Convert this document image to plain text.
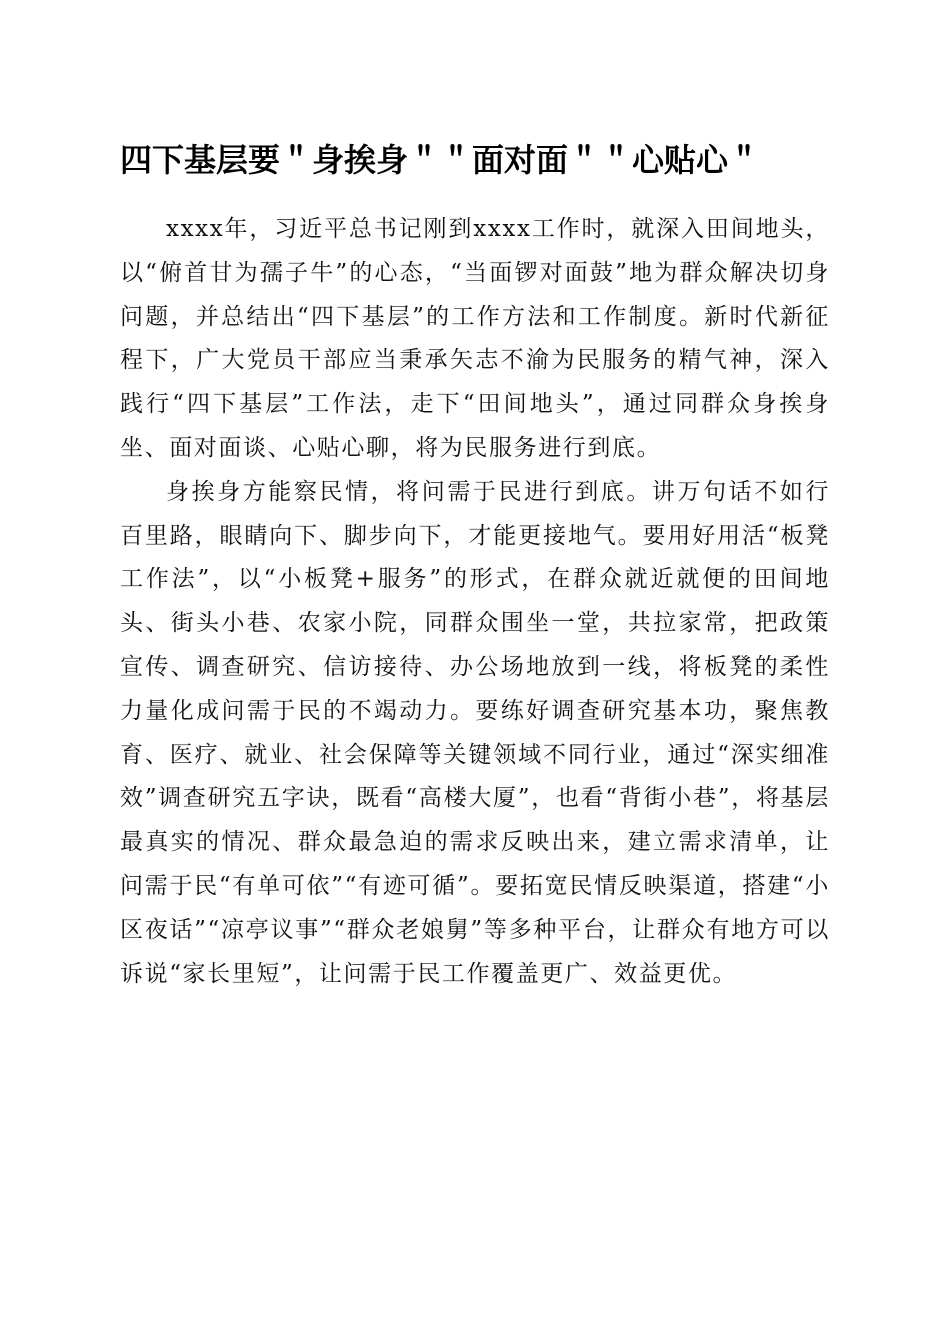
四下基层要＂身挨身＂＂面对面＂＂心贴心＂

xxxx年，习近平总书记刚到xxxx工作时，就深入田间地头，以“俯首甘为孺子牛”的心态，“当面锣对面鼓”地为群众解决切身问题，并总结出“四下基层”的工作方法和工作制度。新时代新征程下，广大党员干部应当秉承矢志不渝为民服务的精气神，深入践行“四下基层”工作法，走下“田间地头”，通过同群众身挨身坐、面对面谈、心贴心聊，将为民服务进行到底。

身挨身方能察民情，将问需于民进行到底。讲万句话不如行百里路，眼睛向下、脚步向下，才能更接地气。要用好用活“板凳工作法”，以“小板凳+服务”的形式，在群众就近就便的田间地头、街头小巷、农家小院，同群众围坐一堂，共拉家常，把政策宣传、调查研究、信访接待、办公场地放到一线，将板凳的柔性力量化成问需于民的不竭动力。要练好调查研究基本功，聚焦教育、医疗、就业、社会保障等关键领域不同行业，通过“深实细准效”调查研究五字诀，既看“高楼大厦”，也看“背街小巷”，将基层最真实的情况、群众最急迫的需求反映出来，建立需求清单，让问需于民“有单可依”“有迹可循”。要拓宽民情反映渠道，搭建“小区夜话”“凉亭议事”“群众老娘舅”等多种平台，让群众有地方可以诉说“家长里短”，让问需于民工作覆盖更广、效益更优。
